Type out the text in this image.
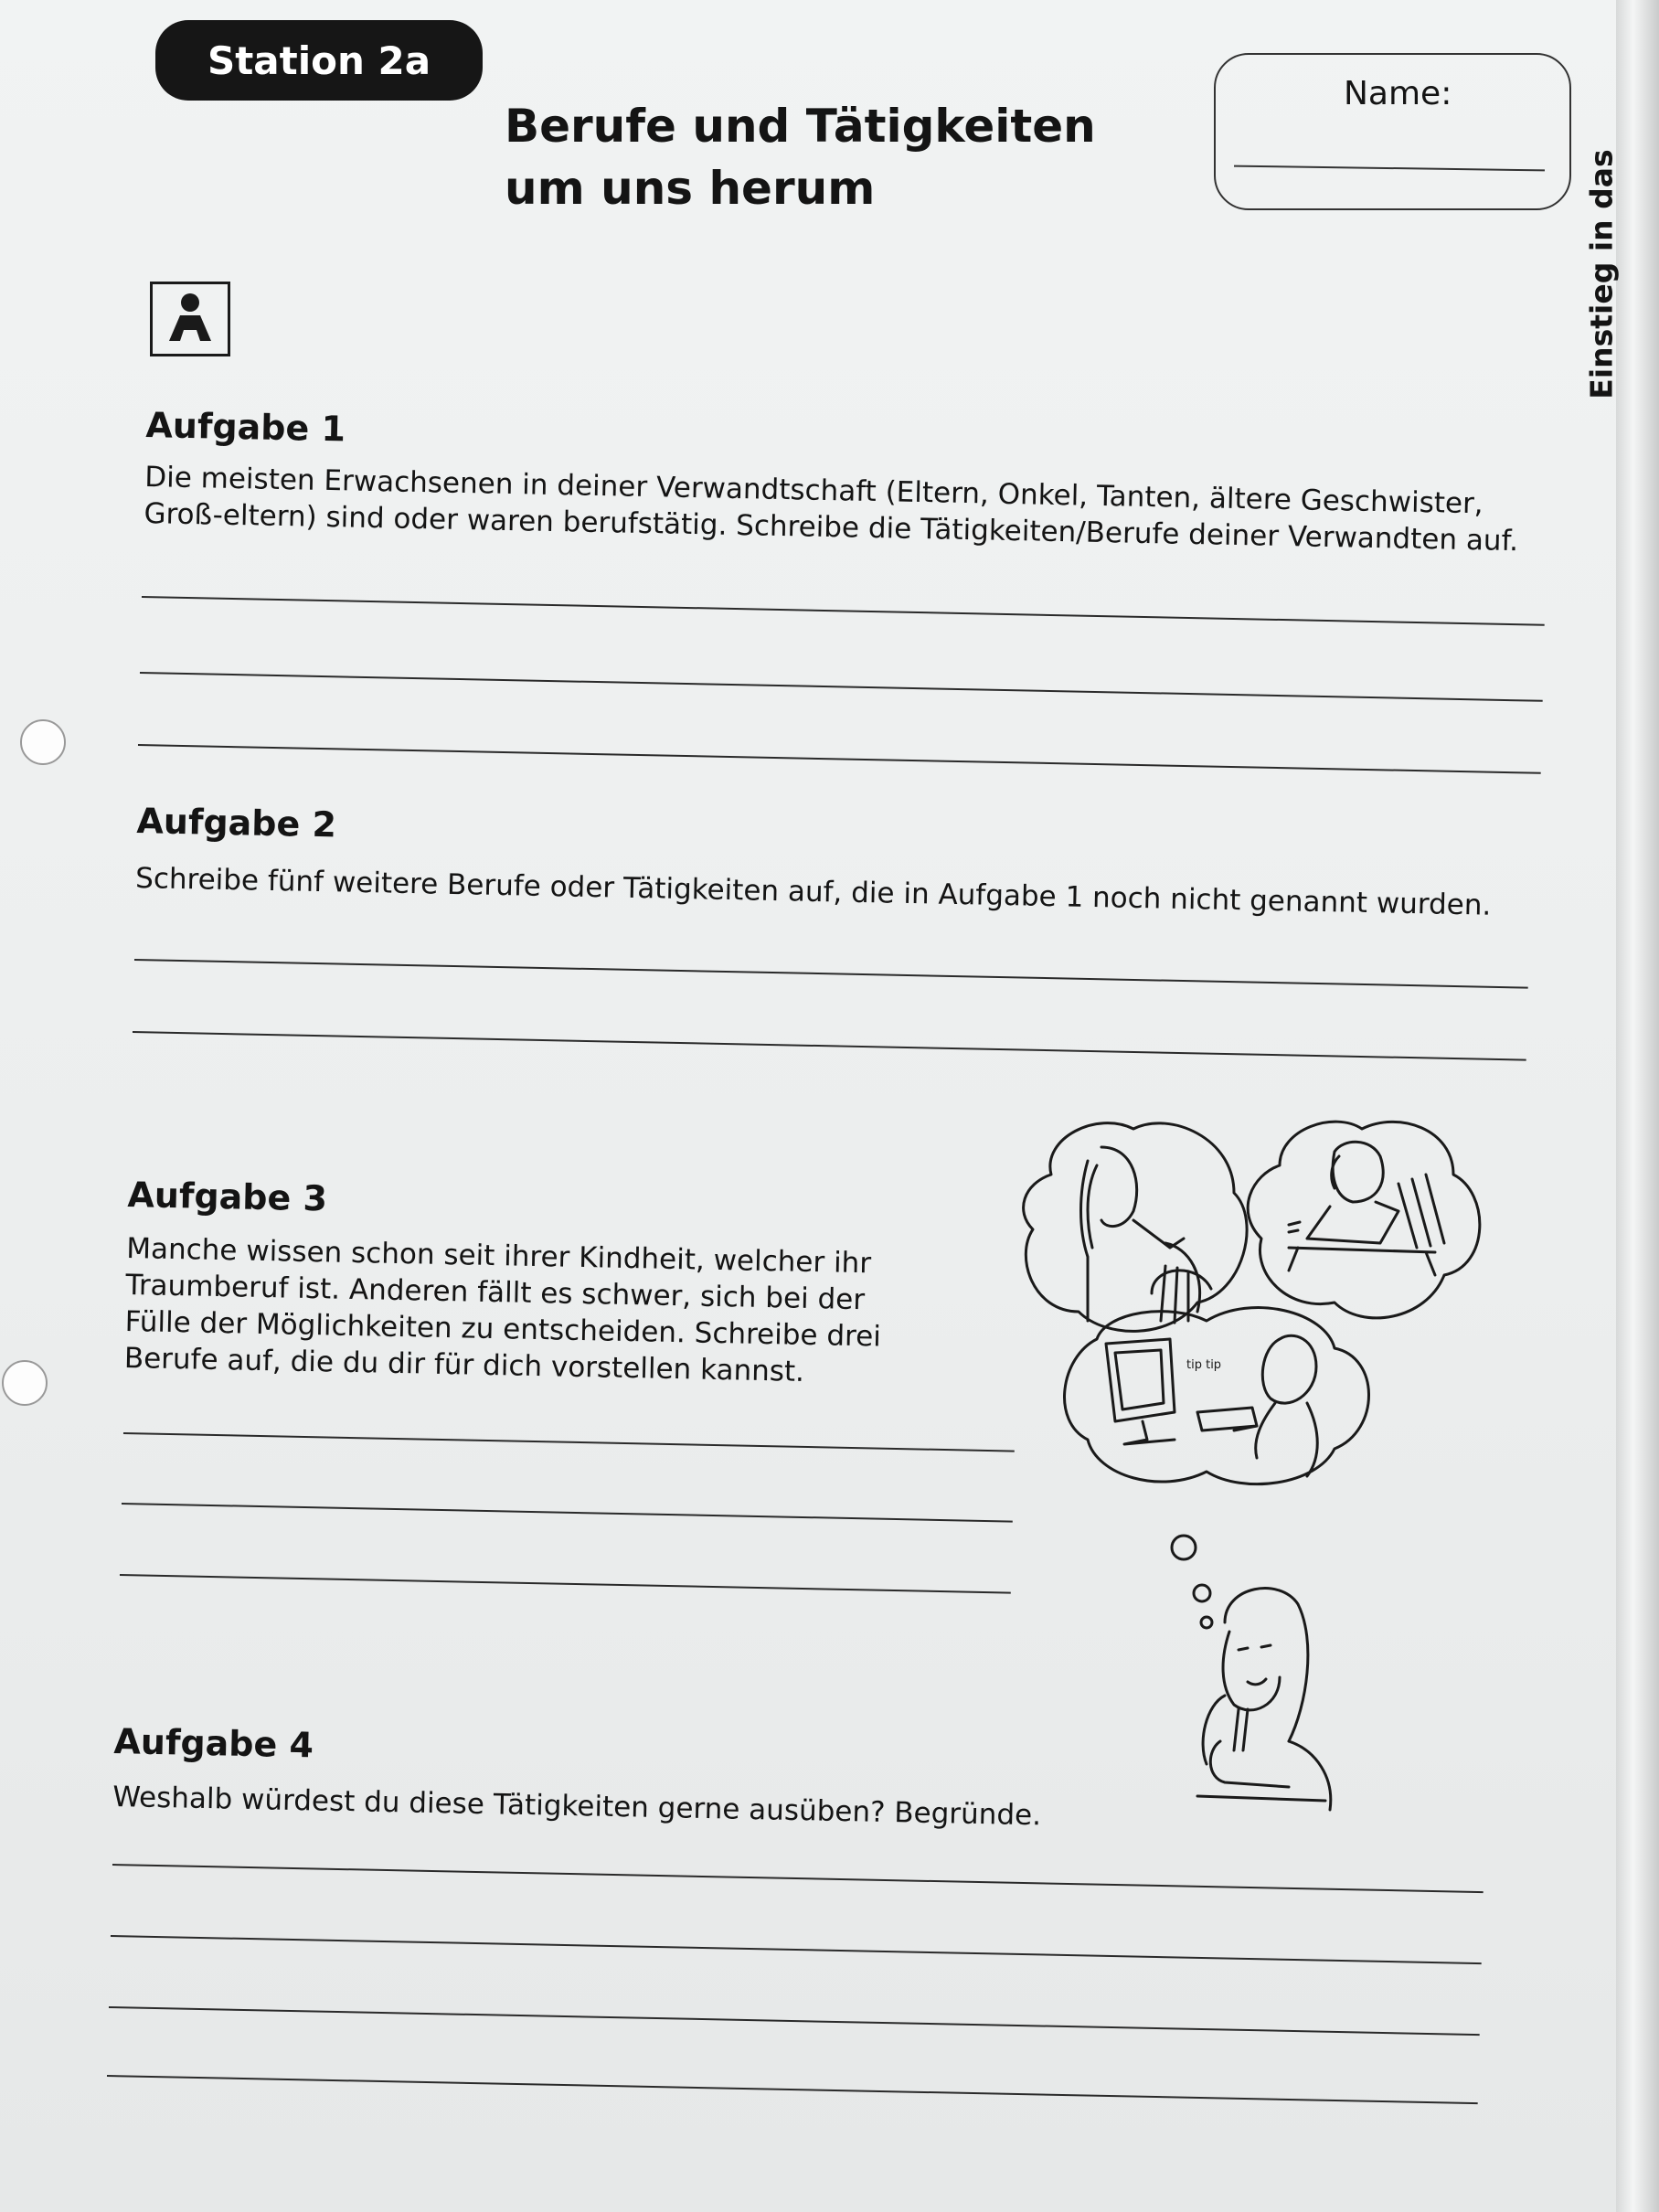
Station 2a
Berufe und Tätigkeiten
um uns herum
Name:
Einstieg in das
Aufgabe 1

Die meisten Erwachsenen in deiner Verwandtschaft (Eltern, Onkel, Tanten, ältere Geschwister, Groß-eltern) sind oder waren berufstätig. Schreibe die Tätigkeiten/Berufe deiner Verwandten auf.

Aufgabe 2

Schreibe fünf weitere Berufe oder Tätigkeiten auf, die in Aufgabe 1 noch nicht genannt wurden.

Aufgabe 3

Manche wissen schon seit ihrer Kindheit, welcher ihr Traumberuf ist. Anderen fällt es schwer, sich bei der Fülle der Möglichkeiten zu entscheiden. Schreibe drei Berufe auf, die du dir für dich vorstellen kannst.

Aufgabe 4

Weshalb würdest du diese Tätigkeiten gerne ausüben? Begründe.

tip tip
